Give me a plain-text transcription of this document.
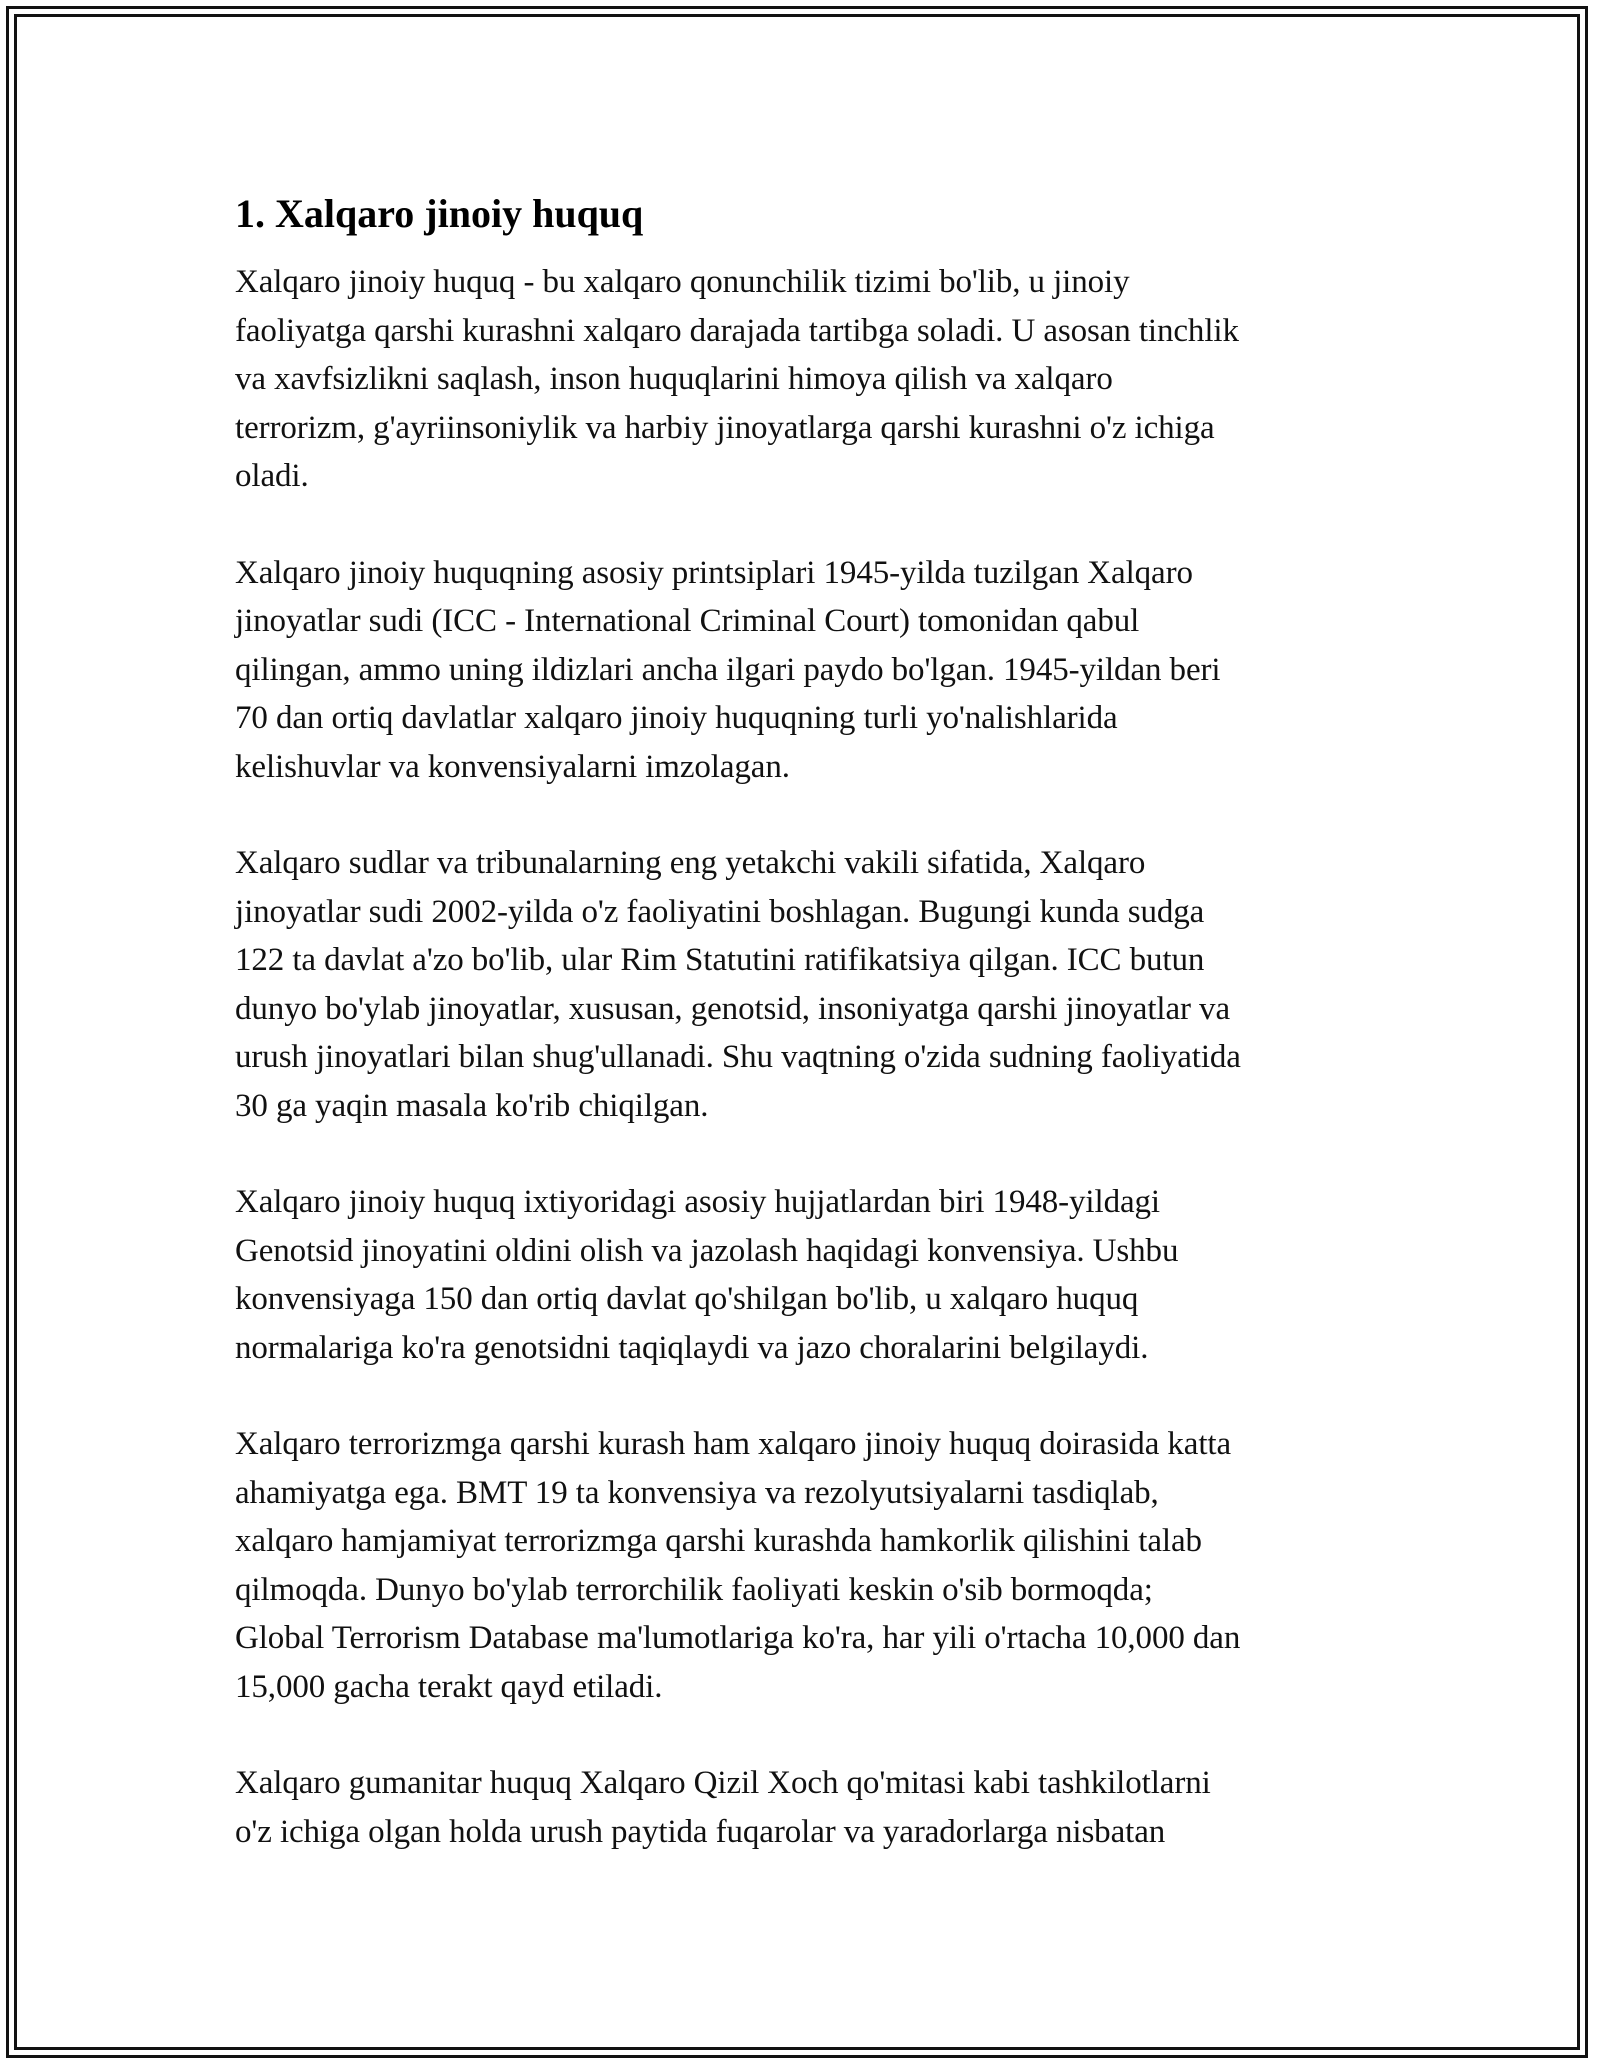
1. Xalqaro jinoiy huquq
Xalqaro jinoiy huquq - bu xalqaro qonunchilik tizimi bo'lib, u jinoiy
faoliyatga qarshi kurashni xalqaro darajada tartibga soladi. U asosan tinchlik
va xavfsizlikni saqlash, inson huquqlarini himoya qilish va xalqaro
terrorizm, g'ayriinsoniylik va harbiy jinoyatlarga qarshi kurashni o'z ichiga
oladi.
Xalqaro jinoiy huquqning asosiy printsiplari 1945-yilda tuzilgan Xalqaro
jinoyatlar sudi (ICC - International Criminal Court) tomonidan qabul
qilingan, ammo uning ildizlari ancha ilgari paydo bo'lgan. 1945-yildan beri
70 dan ortiq davlatlar xalqaro jinoiy huquqning turli yo'nalishlarida
kelishuvlar va konvensiyalarni imzolagan.
Xalqaro sudlar va tribunalarning eng yetakchi vakili sifatida, Xalqaro
jinoyatlar sudi 2002-yilda o'z faoliyatini boshlagan. Bugungi kunda sudga
122 ta davlat a'zo bo'lib, ular Rim Statutini ratifikatsiya qilgan. ICC butun
dunyo bo'ylab jinoyatlar, xususan, genotsid, insoniyatga qarshi jinoyatlar va
urush jinoyatlari bilan shug'ullanadi. Shu vaqtning o'zida sudning faoliyatida
30 ga yaqin masala ko'rib chiqilgan.
Xalqaro jinoiy huquq ixtiyoridagi asosiy hujjatlardan biri 1948-yildagi
Genotsid jinoyatini oldini olish va jazolash haqidagi konvensiya. Ushbu
konvensiyaga 150 dan ortiq davlat qo'shilgan bo'lib, u xalqaro huquq
normalariga ko'ra genotsidni taqiqlaydi va jazo choralarini belgilaydi.
Xalqaro terrorizmga qarshi kurash ham xalqaro jinoiy huquq doirasida katta
ahamiyatga ega. BMT 19 ta konvensiya va rezolyutsiyalarni tasdiqlab,
xalqaro hamjamiyat terrorizmga qarshi kurashda hamkorlik qilishini talab
qilmoqda. Dunyo bo'ylab terrorchilik faoliyati keskin o'sib bormoqda;
Global Terrorism Database ma'lumotlariga ko'ra, har yili o'rtacha 10,000 dan
15,000 gacha terakt qayd etiladi.
Xalqaro gumanitar huquq Xalqaro Qizil Xoch qo'mitasi kabi tashkilotlarni
o'z ichiga olgan holda urush paytida fuqarolar va yaradorlarga nisbatan
